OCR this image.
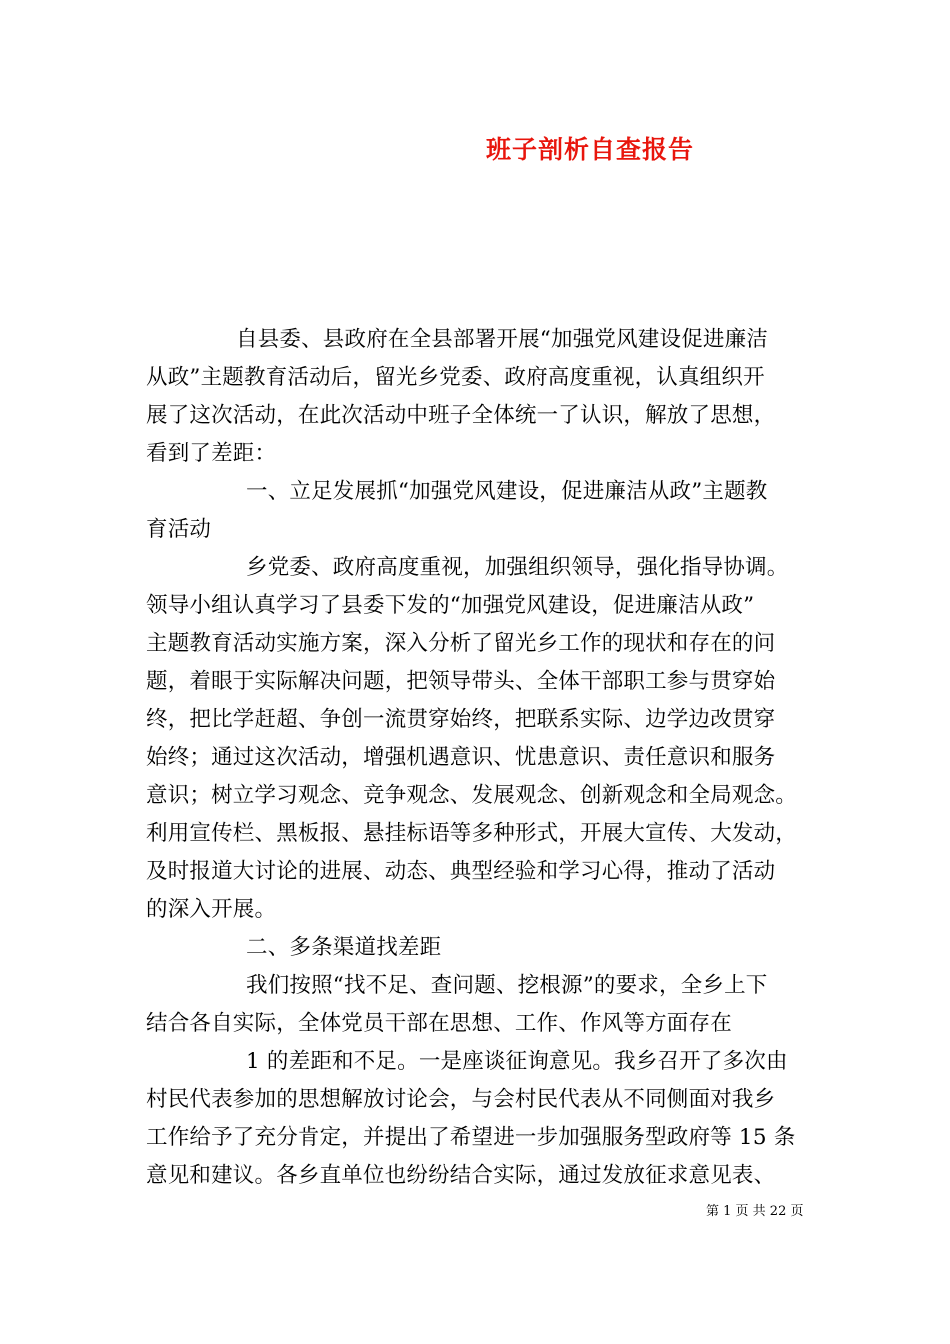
班子剖析自查报告
自县委、县政府在全县部署开展“加强党风建设促进廉洁
从政”主题教育活动后，留光乡党委、政府高度重视，认真组织开
展了这次活动，在此次活动中班子全体统一了认识，解放了思想，
看到了差距：
一、立足发展抓“加强党风建设，促进廉洁从政”主题教
育活动
乡党委、政府高度重视，加强组织领导，强化指导协调。
领导小组认真学习了县委下发的“加强党风建设，促进廉洁从政”
主题教育活动实施方案，深入分析了留光乡工作的现状和存在的问
题，着眼于实际解决问题，把领导带头、全体干部职工参与贯穿始
终，把比学赶超、争创一流贯穿始终，把联系实际、边学边改贯穿
始终；通过这次活动，增强机遇意识、忧患意识、责任意识和服务
意识；树立学习观念、竞争观念、发展观念、创新观念和全局观念。
利用宣传栏、黑板报、悬挂标语等多种形式，开展大宣传、大发动，
及时报道大讨论的进展、动态、典型经验和学习心得，推动了活动
的深入开展。
二、多条渠道找差距
我们按照“找不足、查问题、挖根源”的要求，全乡上下
结合各自实际，全体党员干部在思想、工作、作风等方面存在
1 的差距和不足。一是座谈征询意见。我乡召开了多次由
村民代表参加的思想解放讨论会，与会村民代表从不同侧面对我乡
工作给予了充分肯定，并提出了希望进一步加强服务型政府等 15 条
意见和建议。各乡直单位也纷纷结合实际，通过发放征求意见表、
第 1 页 共 22 页
